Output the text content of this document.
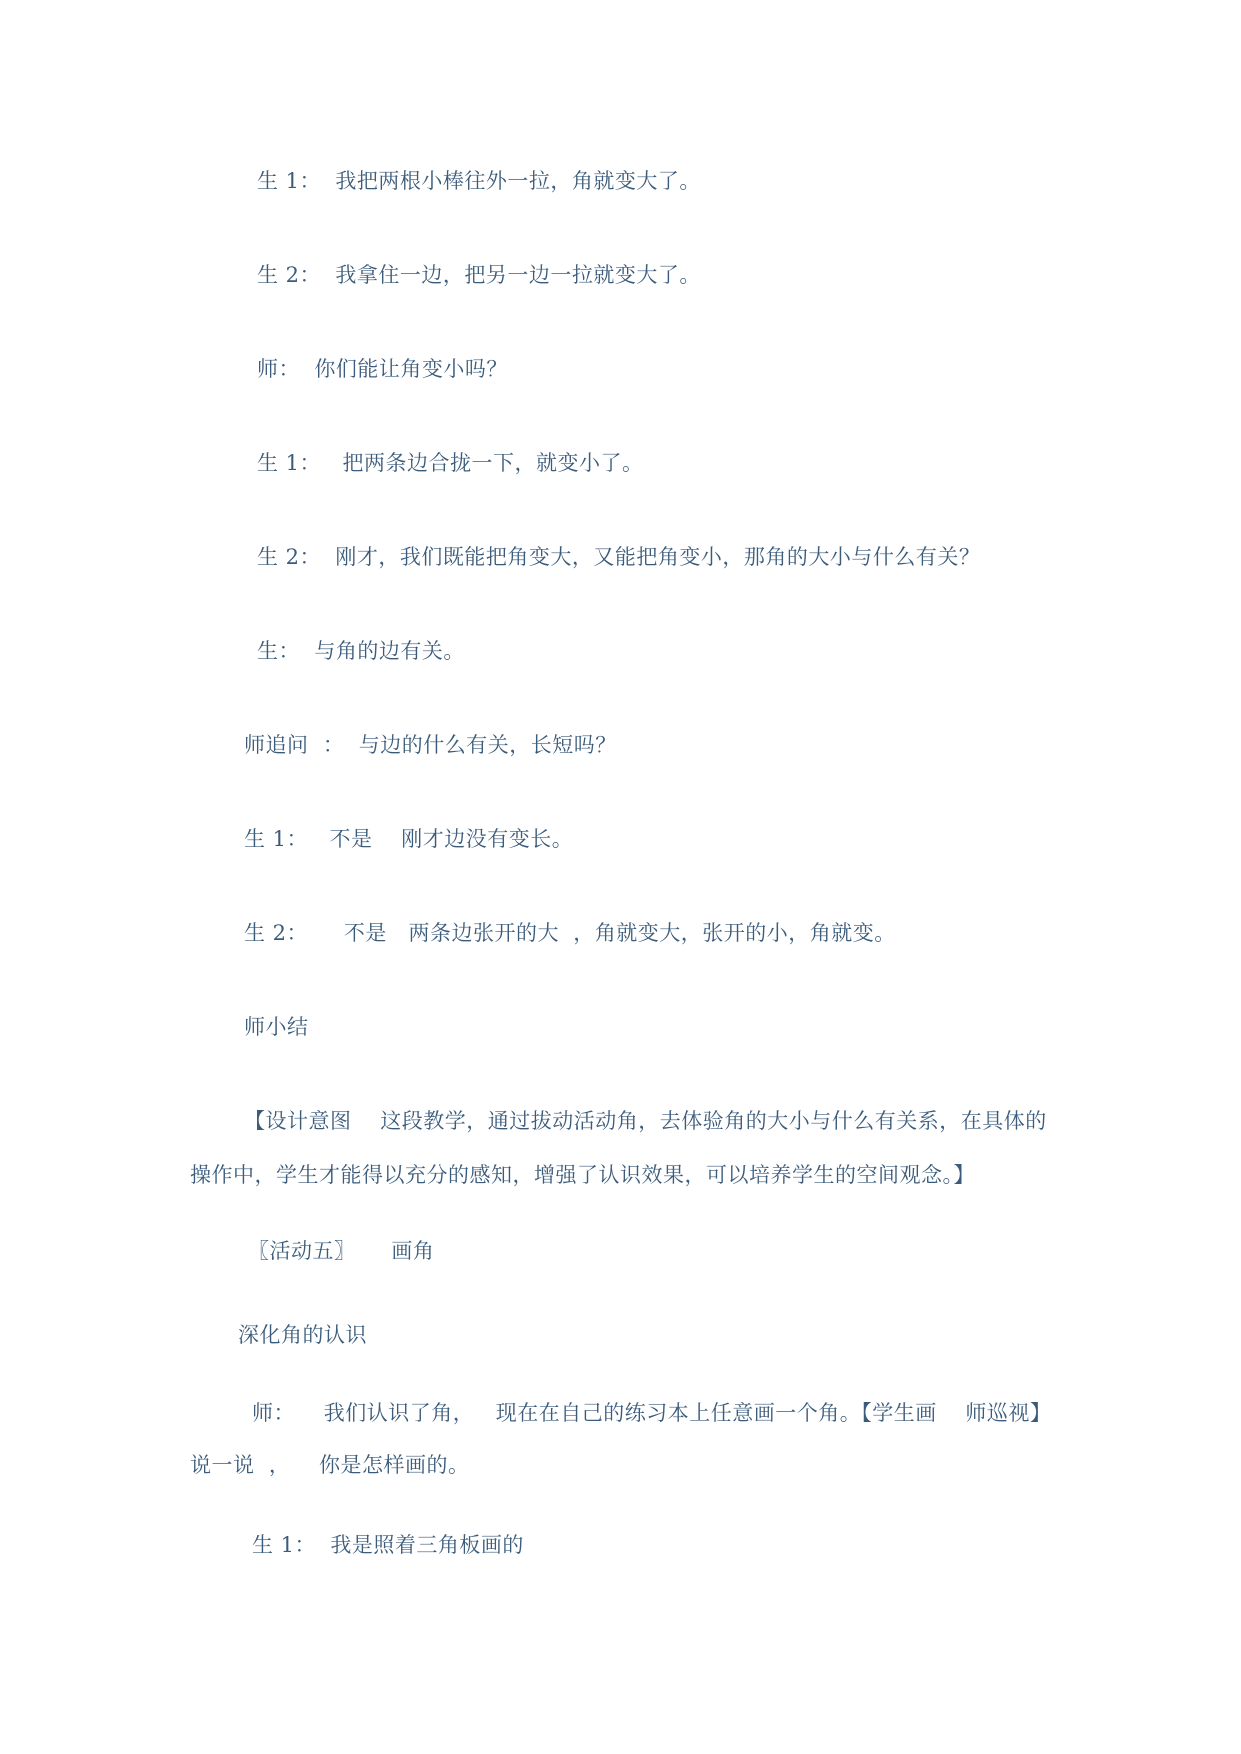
生 1：  我把两根小棒往外一拉，角就变大了。
生 2：  我拿住一边，把另一边一拉就变大了。
师：  你们能让角变小吗？
生 1：   把两条边合拢一下，就变小了。
生 2：  刚才，我们既能把角变大，又能把角变小，那角的大小与什么有关？
生：  与角的边有关。
师追问  ：  与边的什么有关，长短吗？
生 1：   不是    刚才边没有变长。
生 2：     不是   两条边张开的大  ，角就变大，张开的小，角就变。
师小结
【设计意图    这段教学，通过拔动活动角，去体验角的大小与什么有关系，在具体的
操作中，学生才能得以充分的感知，增强了认识效果，可以培养学生的空间观念。】
〖活动五〗     画角
深化角的认识
师：    我们认识了角，   现在在自己的练习本上任意画一个角。【学生画    师巡视】
说一说  ，    你是怎样画的。
生 1：  我是照着三角板画的
